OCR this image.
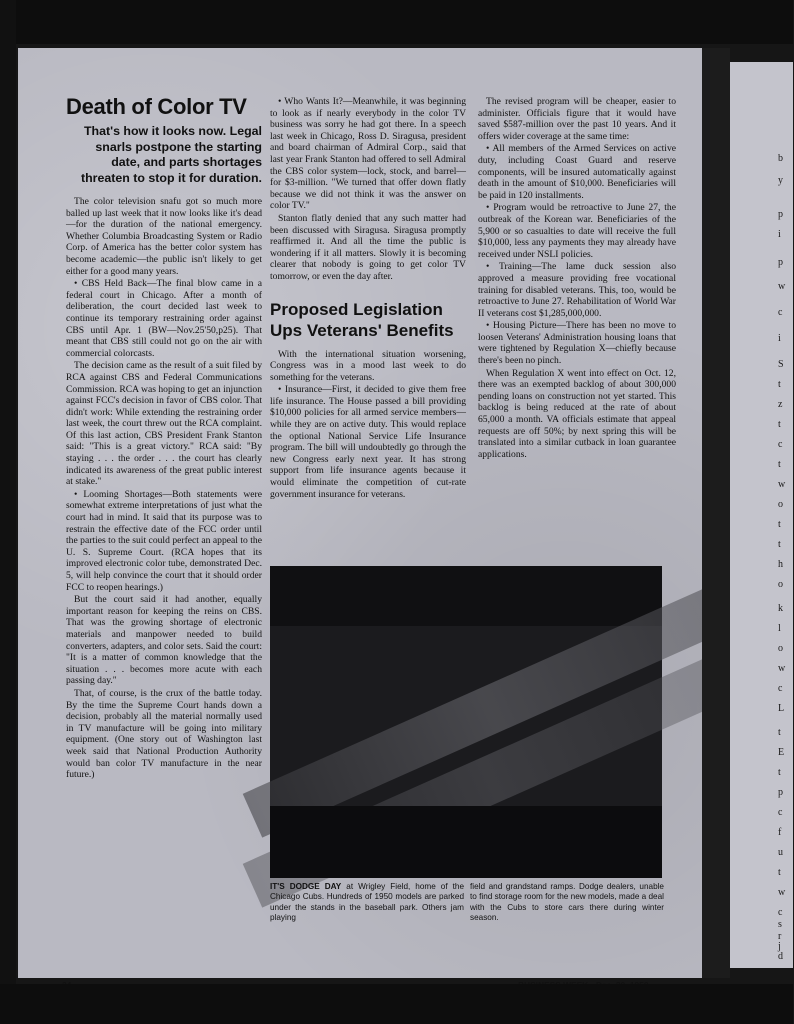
Death of Color TV
That's how it looks now. Legal snarls postpone the starting date, and parts shortages threaten to stop it for duration.

The color television snafu got so much more balled up last week that it now looks like it's dead—for the duration of the national emergency. Whether Columbia Broadcasting System or Radio Corp. of America has the better color system has become academic—the public isn't likely to get either for a good many years.

• CBS Held Back—The final blow came in a federal court in Chicago. After a month of deliberation, the court decided last week to continue its temporary restraining order against CBS until Apr. 1 (BW—Nov.25'50,p25). That meant that CBS still could not go on the air with commercial colorcasts.

The decision came as the result of a suit filed by RCA against CBS and Federal Communications Commission. RCA was hoping to get an injunction against FCC's decision in favor of CBS color. That didn't work: While extending the restraining order last week, the court threw out the RCA complaint. Of this last action, CBS President Frank Stanton said: "This is a great victory." RCA said: "By staying . . . the order . . . the court has clearly indicated its awareness of the great public interest at stake."

• Looming Shortages—Both statements were somewhat extreme interpretations of just what the court had in mind. It said that its purpose was to restrain the effective date of the FCC order until the parties to the suit could perfect an appeal to the U. S. Supreme Court. (RCA hopes that its improved electronic color tube, demonstrated Dec. 5, will help convince the court that it should order FCC to reopen hearings.)

But the court said it had another, equally important reason for keeping the reins on CBS. That was the growing shortage of electronic materials and manpower needed to build converters, adapters, and color sets. Said the court: "It is a matter of common knowledge that the situation . . . becomes more acute with each passing day."

That, of course, is the crux of the battle today. By the time the Supreme Court hands down a decision, probably all the material normally used in TV manufacture will be going into military equipment. (One story out of Washington last week said that National Production Authority would ban color TV manufacture in the near future.)

• Who Wants It?—Meanwhile, it was beginning to look as if nearly everybody in the color TV business was sorry he had got there. In a speech last week in Chicago, Ross D. Siragusa, president and board chairman of Admiral Corp., said that last year Frank Stanton had offered to sell Admiral the CBS color system—lock, stock, and barrel—for $3-million. "We turned that offer down flatly because we did not think it was the answer on color TV."

Stanton flatly denied that any such matter had been discussed with Siragusa. Siragusa promptly reaffirmed it. And all the time the public is wondering if it all matters. Slowly it is becoming clearer that nobody is going to get color TV tomorrow, or even the day after.

Proposed Legislation Ups Veterans' Benefits

With the international situation worsening, Congress was in a mood last week to do something for the veterans.

• Insurance—First, it decided to give them free life insurance. The House passed a bill providing $10,000 policies for all armed service members—while they are on active duty. This would replace the optional National Service Life Insurance program. The bill will undoubtedly go through the new Congress early next year. It has strong support from life insurance agents because it would eliminate the competition of cut-rate government insurance for veterans.

The revised program will be cheaper, easier to administer. Officials figure that it would have saved $587-million over the past 10 years. And it offers wider coverage at the same time:

• All members of the Armed Services on active duty, including Coast Guard and reserve components, will be insured automatically against death in the amount of $10,000. Beneficiaries will be paid in 120 installments.

• Program would be retroactive to June 27, the outbreak of the Korean war. Beneficiaries of the 5,900 or so casualties to date will receive the full $10,000, less any payments they may already have received under NSLI policies.

• Training—The lame duck session also approved a measure providing free vocational training for disabled veterans. This, too, would be retroactive to June 27. Rehabilitation of World War II veterans cost $1,285,000,000.

• Housing Picture—There has been no move to loosen Veterans' Administration housing loans that were tightened by Regulation X—chiefly because there's been no pinch.

When Regulation X went into effect on Oct. 12, there was an exempted backlog of about 300,000 pending loans on construction not yet started. This backlog is being reduced at the rate of about 65,000 a month. VA officials estimate that appeal requests are off 50%; by next spring this will be translated into a similar cutback in loan guarantee applications.

IT'S DODGE DAY at Wrigley Field, home of the Chicago Cubs. Hundreds of 1950 models are parked under the stands in the baseball park. Others jam playing
field and grandstand ramps. Dodge dealers, unable to find storage room for the new models, made a deal with the Cubs to store cars there during winter season.
b
y
p
i
p
w
c
i
S
t
z
t
c
t
w
o
t
t
h
o
k
l
o
w
c
L
t
E
t
p
c
f
u
t
w
c
s
r
j
d
